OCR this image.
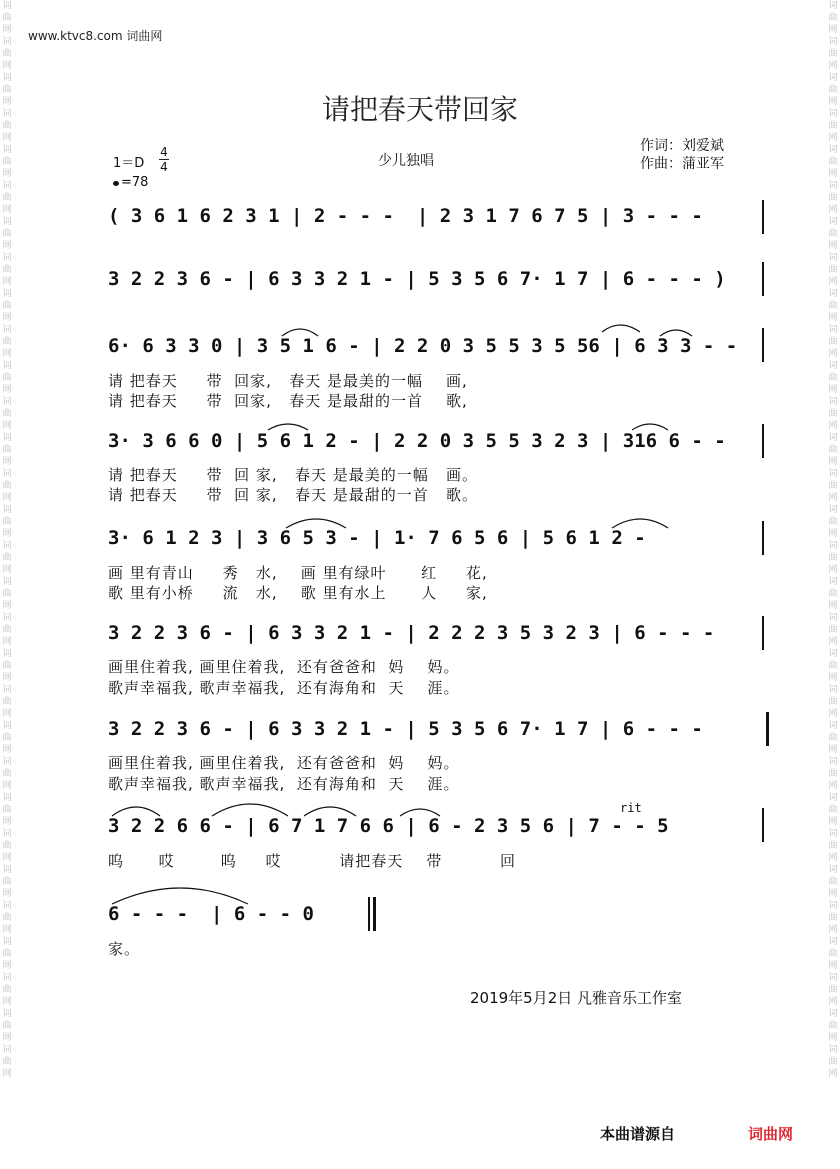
词曲网 词曲网 词曲网 词曲网 词曲网 词曲网 词曲网 词曲网 词曲网 词曲网 词曲网 词曲网 词曲网 词曲网 词曲网 词曲网 词曲网 词曲网 词曲网 词曲网 词曲网 词曲网 词曲网 词曲网 词曲网 词曲网 词曲网 词曲网 词曲网 词曲网
词曲网 词曲网 词曲网 词曲网 词曲网 词曲网 词曲网 词曲网 词曲网 词曲网 词曲网 词曲网 词曲网 词曲网 词曲网 词曲网 词曲网 词曲网 词曲网 词曲网 词曲网 词曲网 词曲网 词曲网 词曲网 词曲网 词曲网 词曲网 词曲网 词曲网
www.ktvc8.com 词曲网
请把春天带回家
1＝D
4
4
=78
少儿独唱
作词：刘爱斌
作曲：蒲亚军
( 3 6 1 6 2 3 1 | 2 - - -  | 2 3 1 7 6 7 5 | 3 - - -
3 2 2 3 6 - | 6 3 3 2 1 - | 5 3 5 6 7· 1 7 | 6 - - - )
6· 6 3 3 0 | 3 5 1 6 - | 2 2 0 3 5 5 3 5 56 | 6 3 3 - -
请 把春天     带  回家,   春天 是最美的一幅    画,
请 把春天     带  回家,   春天 是最甜的一首    歌,
3· 3 6 6 0 | 5 6 1 2 - | 2 2 0 3 5 5 3 2 3 | 316 6 - -
请 把春天     带  回 家,   春天 是最美的一幅   画。
请 把春天     带  回 家,   春天 是最甜的一首   歌。
3· 6 1 2 3 | 3 6 5 3 - | 1· 7 6 5 6 | 5 6 1 2 -
画 里有青山     秀   水,    画 里有绿叶      红     花,
歌 里有小桥     流   水,    歌 里有水上      人     家,
3 2 2 3 6 - | 6 3 3 2 1 - | 2 2 2 3 5 3 2 3 | 6 - - -
画里住着我, 画里住着我,  还有爸爸和  妈    妈。
歌声幸福我, 歌声幸福我,  还有海角和  天    涯。
3 2 2 3 6 - | 6 3 3 2 1 - | 5 3 5 6 7· 1 7 | 6 - - -
画里住着我, 画里住着我,  还有爸爸和  妈    妈。
歌声幸福我, 歌声幸福我,  还有海角和  天    涯。
rit
3 2 2 6 6 - | 6 7 1 7 6 6 | 6 - 2 3 5 6 | 7 - - 5
呜      哎        呜     哎          请把春天    带          回
6 - - -  | 6 - - 0
家。
2019年5月2日 凡雅音乐工作室
本曲谱源自	词曲网
